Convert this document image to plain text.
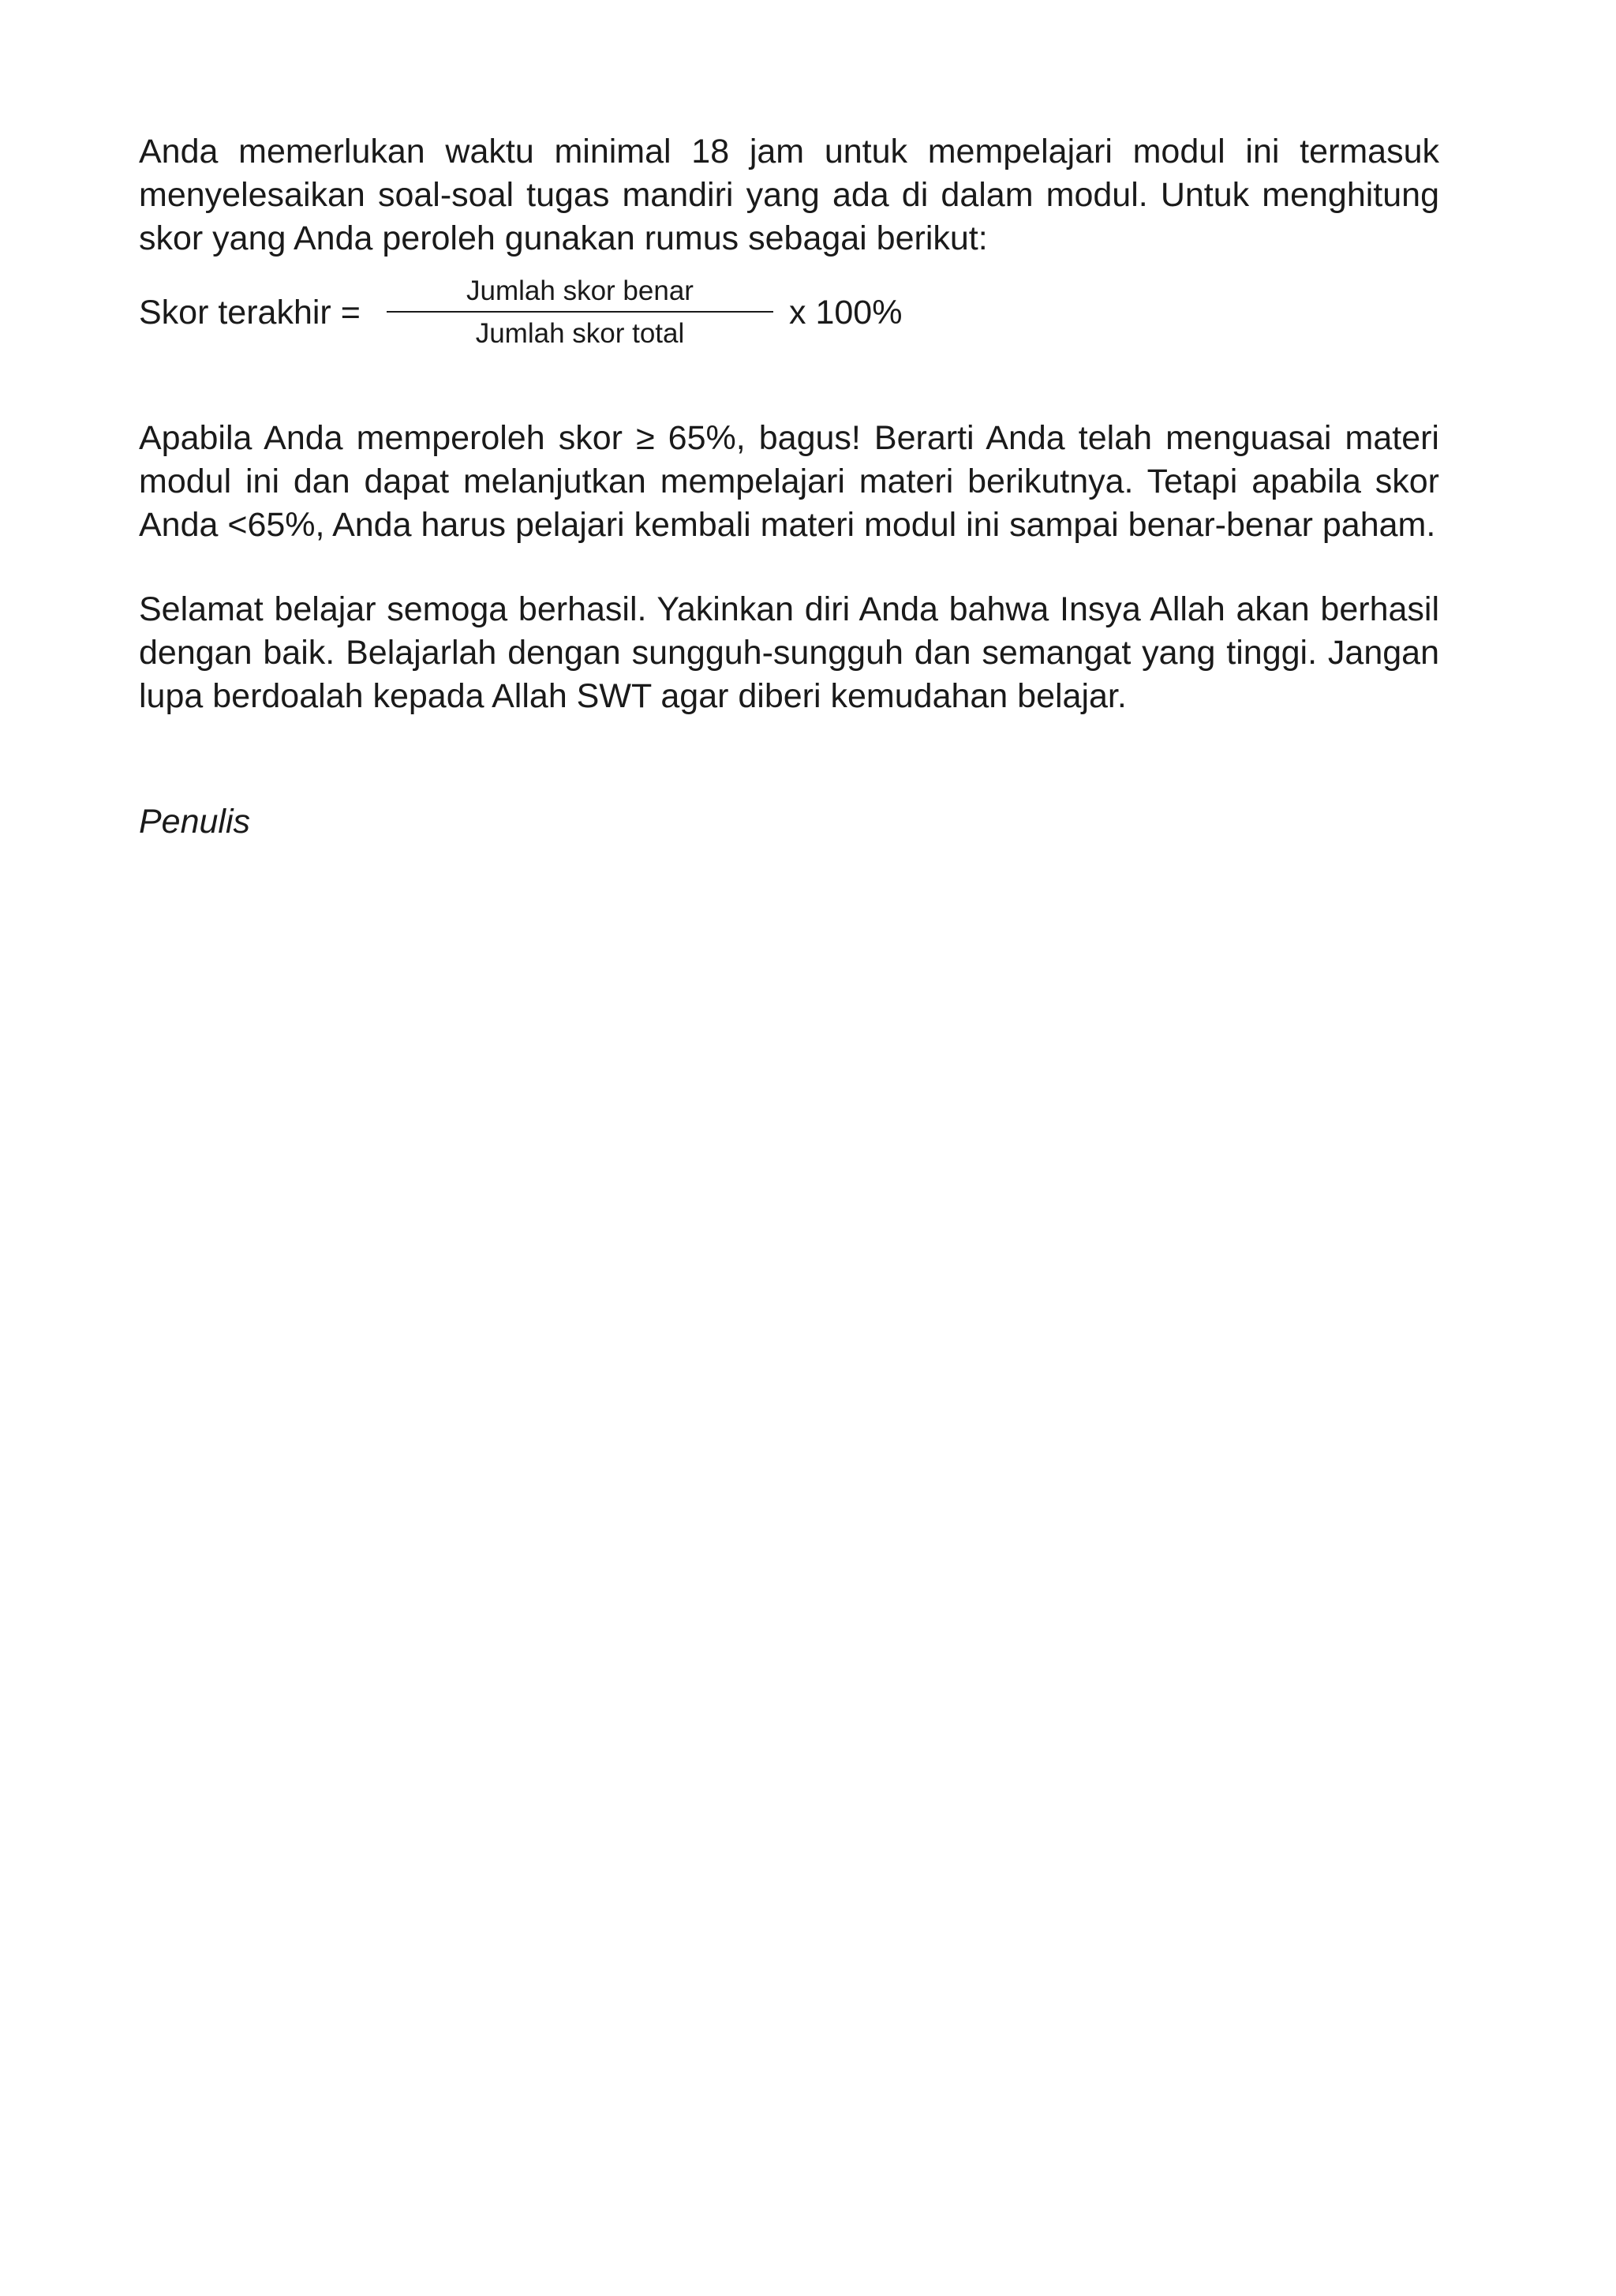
Anda memerlukan waktu minimal 18 jam untuk mempelajari modul ini termasuk menyelesaikan soal-soal tugas mandiri yang ada di dalam modul. Untuk menghitung skor yang Anda peroleh gunakan rumus sebagai berikut:

Skor terakhir =
Jumlah skor benar
Jumlah skor total
x 100%

Apabila Anda memperoleh skor ≥ 65%, bagus! Berarti Anda telah menguasai materi modul ini dan dapat melanjutkan mempelajari materi berikutnya. Tetapi apabila skor Anda <65%, Anda harus pelajari kembali materi modul ini sampai benar-benar paham.

Selamat belajar semoga berhasil. Yakinkan diri Anda bahwa Insya Allah akan berhasil dengan baik. Belajarlah dengan sungguh-sungguh dan semangat yang tinggi. Jangan lupa berdoalah kepada Allah SWT agar diberi kemudahan belajar.

Penulis
